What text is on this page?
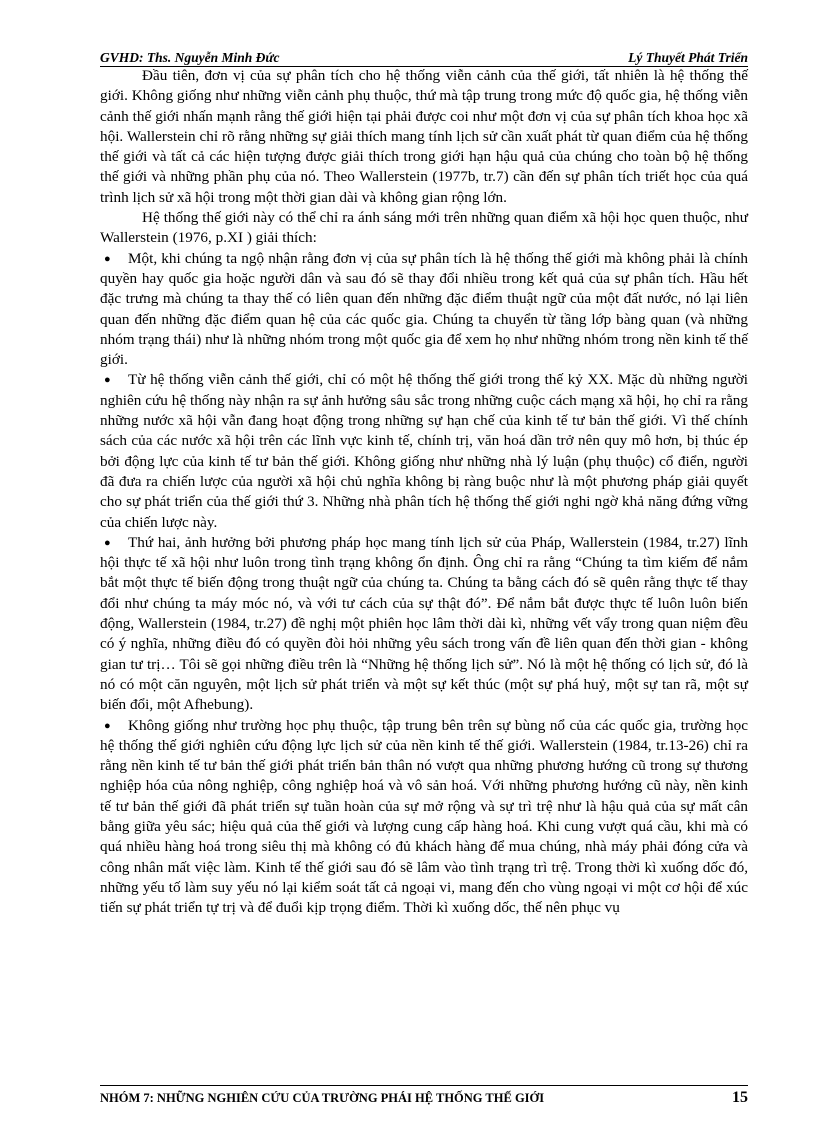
GVHD: Ths. Nguyễn Minh Đức	Lý Thuyết Phát Triển

Đầu tiên, đơn vị của sự phân tích cho hệ thống viễn cảnh của thế giới, tất nhiên là hệ thống thế giới. Không giống như những viễn cảnh phụ thuộc, thứ mà tập trung trong mức độ quốc gia, hệ thống viễn cảnh thế giới nhấn mạnh rằng thế giới hiện tại phải được coi như một đơn vị của sự phân tích khoa học xã hội. Wallerstein chỉ rõ rằng những sự giải thích mang tính lịch sử cần xuất phát từ quan điểm của hệ thống thế giới và tất cả các hiện tượng được giải thích trong giới hạn hậu quả của chúng cho toàn bộ hệ thống thế giới và những phần phụ của nó. Theo Wallerstein (1977b, tr.7) cần đến sự phân tích triết học của quá trình lịch sử xã hội trong một thời gian dài và không gian rộng lớn.

Hệ thống thế giới này có thể chỉ ra ánh sáng mới trên những quan điểm xã hội học quen thuộc, như Wallerstein (1976, p.XI ) giải thích:

● Một, khi chúng ta ngộ nhận rằng đơn vị của sự phân tích là hệ thống thế giới mà không phải là chính quyền hay quốc gia hoặc người dân và sau đó sẽ thay đổi nhiều trong kết quả của sự phân tích. Hầu hết đặc trưng mà chúng ta thay thế có liên quan đến những đặc điểm thuật ngữ của một đất nước, nó lại liên quan đến những đặc điểm quan hệ của các quốc gia. Chúng ta chuyển từ tầng lớp bàng quan (và những nhóm trạng thái) như là những nhóm trong một quốc gia để xem họ như những nhóm trong nền kinh tế thế giới.

● Từ hệ thống viễn cảnh thế giới, chỉ có một hệ thống thế giới trong thế kỷ XX. Mặc dù những người nghiên cứu hệ thống này nhận ra sự ảnh hưởng sâu sắc trong những cuộc cách mạng xã hội, họ chỉ ra rằng những nước xã hội vẫn đang hoạt động trong những sự hạn chế của kinh tế tư bản thế giới. Vì thế chính sách của các nước xã hội trên các lĩnh vực kinh tế, chính trị, văn hoá dần trở nên quy mô hơn, bị thúc ép bởi động lực của kinh tế tư bản thế giới. Không giống như những nhà lý luận (phụ thuộc) cổ điển, người đã đưa ra chiến lược của người xã hội chủ nghĩa không bị ràng buộc như là một phương pháp giải quyết cho sự phát triển của thế giới thứ 3. Những nhà phân tích hệ thống thế giới nghi ngờ khả năng đứng vững của chiến lược này.

● Thứ hai, ảnh hưởng bởi phương pháp học mang tính lịch sử của Pháp, Wallerstein (1984, tr.27) lĩnh hội thực tế xã hội như luôn trong tình trạng không ổn định. Ông chỉ ra rằng “Chúng ta tìm kiếm để nắm bắt một thực tế biến động trong thuật ngữ của chúng ta. Chúng ta bằng cách đó sẽ quên rằng thực tế thay đổi như chúng ta máy móc nó, và với tư cách của sự thật đó”. Để nắm bắt được thực tế luôn luôn biến động, Wallerstein (1984, tr.27) đề nghị một phiên học lâm thời dài kì, những vết vẩy trong quan niệm đều có ý nghĩa, những điều đó có quyền đòi hỏi những yêu sách trong vấn đề liên quan đến thời gian - không gian tư trị… Tôi sẽ gọi những điều trên là “Những hệ thống lịch sử”. Nó là một hệ thống có lịch sử, đó là nó có một căn nguyên, một lịch sử phát triển và một sự kết thúc (một sự phá huỷ, một sự tan rã, một sự biến đổi, một Afhebung).

● Không giống như trường học phụ thuộc, tập trung bên trên sự bùng nổ của các quốc gia, trường học hệ thống thế giới nghiên cứu động lực lịch sử của nền kinh tế thế giới. Wallerstein (1984, tr.13-26) chỉ ra rằng nền kinh tế tư bản thế giới phát triển bản thân nó vượt qua những phương hướng cũ trong sự thương nghiệp hóa của nông nghiệp, công nghiệp hoá và vô sản hoá. Với những phương hướng cũ này, nền kinh tế tư bản thế giới đã phát triển sự tuần hoàn của sự mở rộng và sự trì trệ như là hậu quả của sự mất cân bằng giữa yêu sác; hiệu quả của thế giới và lượng cung cấp hàng hoá. Khi cung vượt quá cầu, khi mà có quá nhiều hàng hoá trong siêu thị mà không có đủ khách hàng để mua chúng, nhà máy phải đóng cửa và công nhân mất việc làm. Kinh tế thế giới sau đó sẽ lâm vào tình trạng trì trệ. Trong thời kì xuống dốc đó, những yếu tố làm suy yếu nó lại kiểm soát tất cả ngoại vi, mang đến cho vùng ngoại vi một cơ hội để xúc tiến sự phát triển tự trị và để đuổi kịp trọng điểm. Thời kì xuống dốc, thế nên phục vụ

NHÓM 7: NHỮNG NGHIÊN CỨU CỦA TRƯỜNG PHÁI HỆ THỐNG THẾ GIỚI	15
